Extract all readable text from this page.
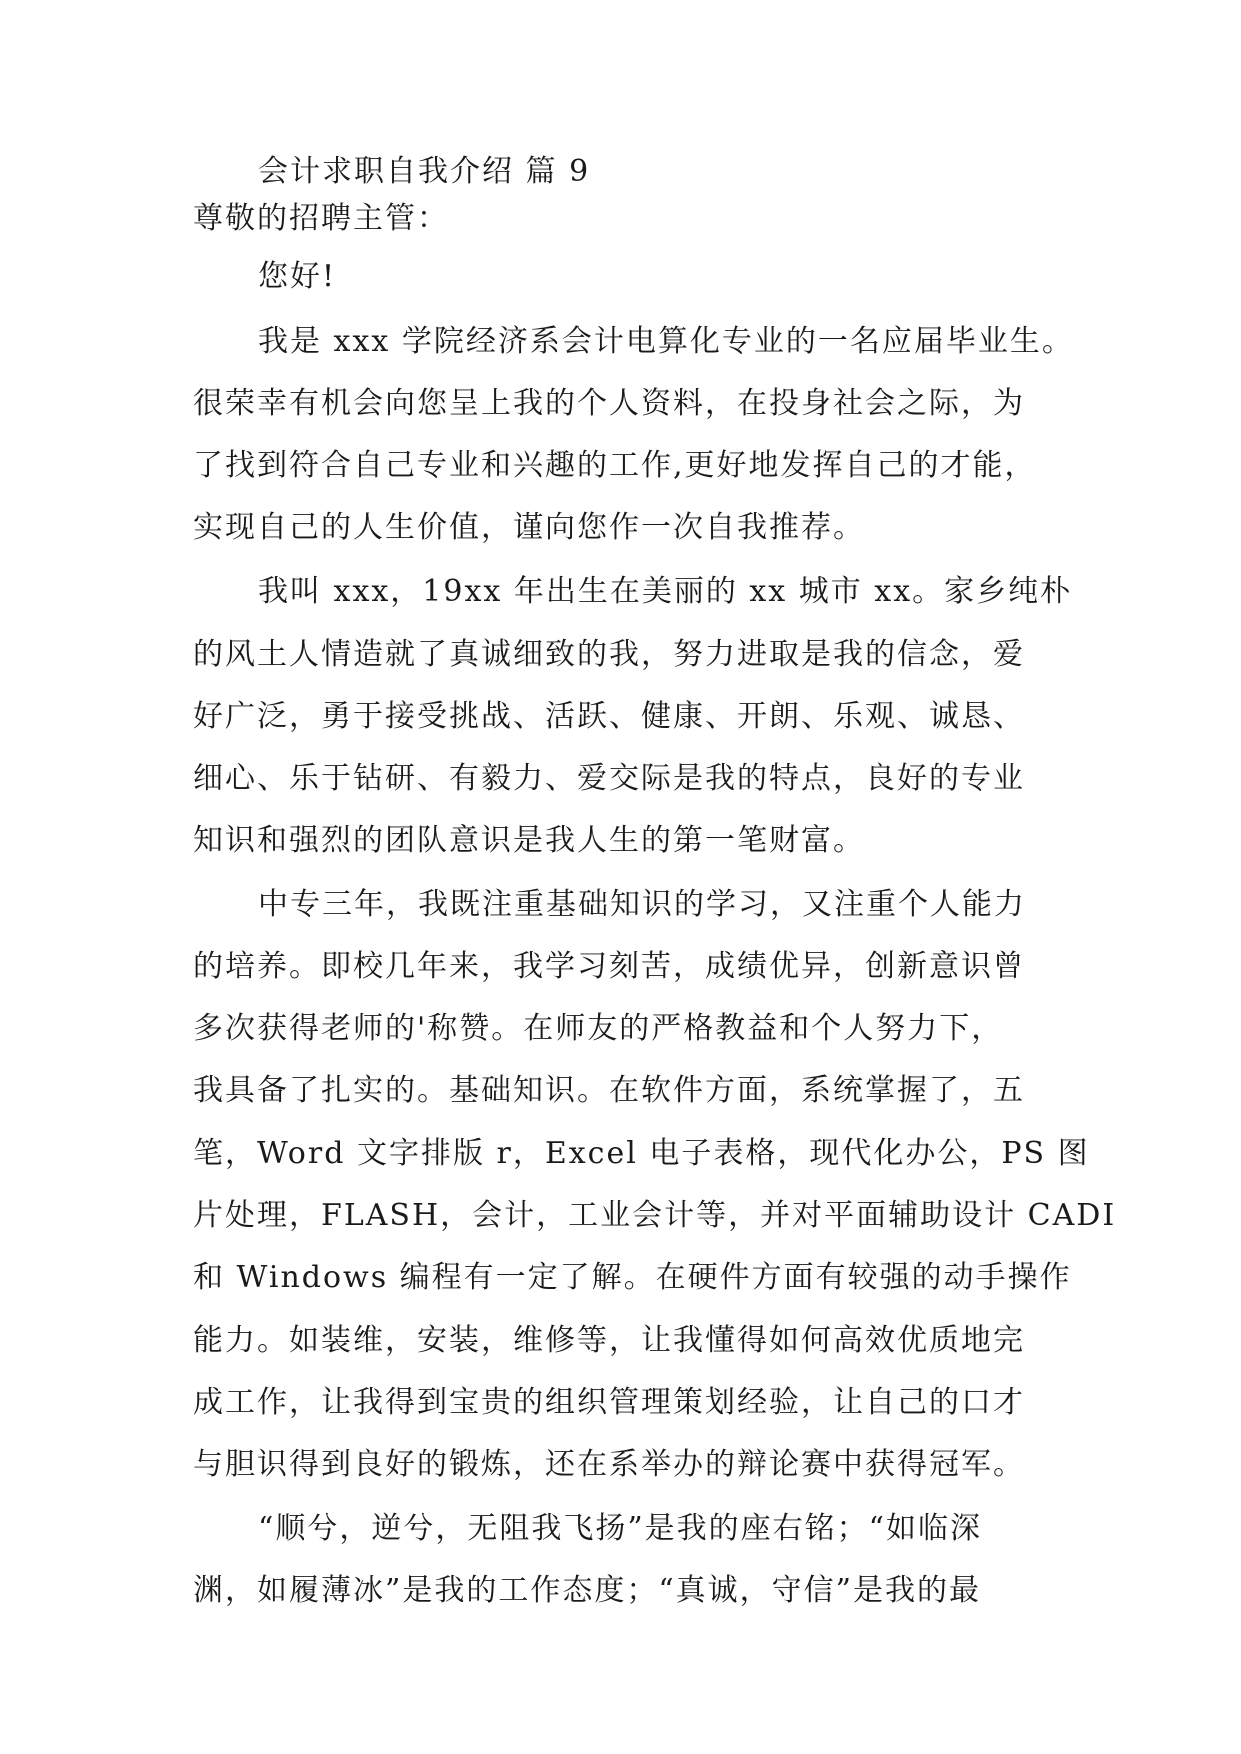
会计求职自我介绍 篇 9
尊敬的招聘主管：
您好!
我是 xxx 学院经济系会计电算化专业的一名应届毕业生。
很荣幸有机会向您呈上我的个人资料，在投身社会之际，为
了找到符合自己专业和兴趣的工作,更好地发挥自己的才能，
实现自己的人生价值，谨向您作一次自我推荐。
我叫 xxx，19xx 年出生在美丽的 xx 城市 xx。家乡纯朴
的风土人情造就了真诚细致的我，努力进取是我的信念，爱
好广泛，勇于接受挑战、活跃、健康、开朗、乐观、诚恳、
细心、乐于钻研、有毅力、爱交际是我的特点，良好的专业
知识和强烈的团队意识是我人生的第一笔财富。
中专三年，我既注重基础知识的学习，又注重个人能力
的培养。即校几年来，我学习刻苦，成绩优异，创新意识曾
多次获得老师的'称赞。在师友的严格教益和个人努力下，
我具备了扎实的。基础知识。在软件方面，系统掌握了，五
笔，Word 文字排版 r，Excel 电子表格，现代化办公，PS 图
片处理，FLASH，会计，工业会计等，并对平面辅助设计 CADI
和 Windows 编程有一定了解。在硬件方面有较强的动手操作
能力。如装维，安装，维修等，让我懂得如何高效优质地完
成工作，让我得到宝贵的组织管理策划经验，让自己的口才
与胆识得到良好的锻炼，还在系举办的辩论赛中获得冠军。
“顺兮，逆兮，无阻我飞扬”是我的座右铭；“如临深
渊，如履薄冰”是我的工作态度；“真诚，守信”是我的最
